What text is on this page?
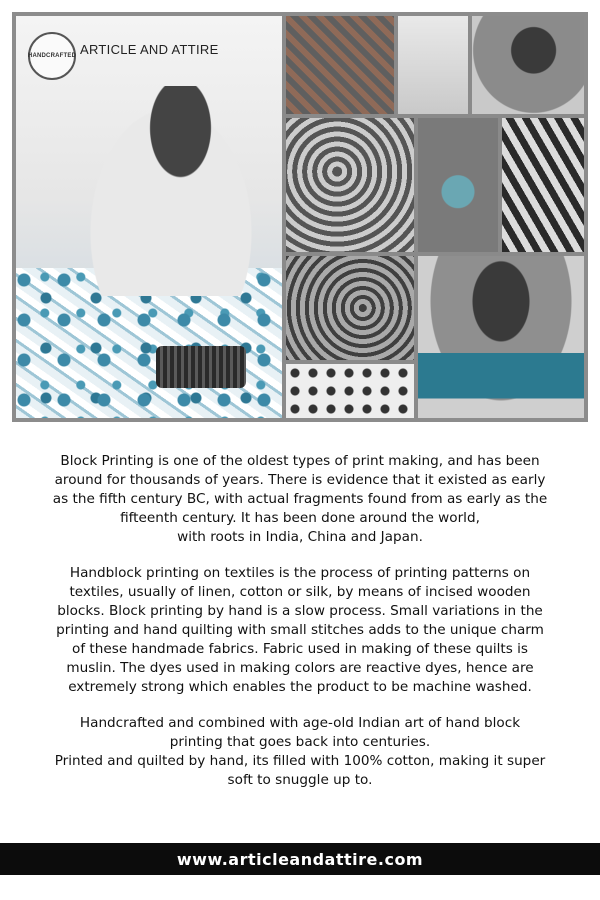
HANDCRAFTED ARTICLE AND ATTIRE

Block Printing is one of the oldest types of print making, and has been
around for thousands of years. There is evidence that it existed as early
as the fifth century BC, with actual fragments found from as early as the
fifteenth century. It has been done around the world,
with roots in India, China and Japan.

Handblock printing on textiles is the process of printing patterns on
textiles, usually of linen, cotton or silk, by means of incised wooden
blocks. Block printing by hand is a slow process. Small variations in the
printing and hand quilting with small stitches adds to the unique charm
of these handmade fabrics. Fabric used in making of these quilts is
muslin. The dyes used in making colors are reactive dyes, hence are
extremely strong which enables the product to be machine washed.

Handcrafted and combined with age-old Indian art of hand block
printing that goes back into centuries.
Printed and quilted by hand, its filled with 100% cotton, making it super
soft to snuggle up to.

www.articleandattire.com
